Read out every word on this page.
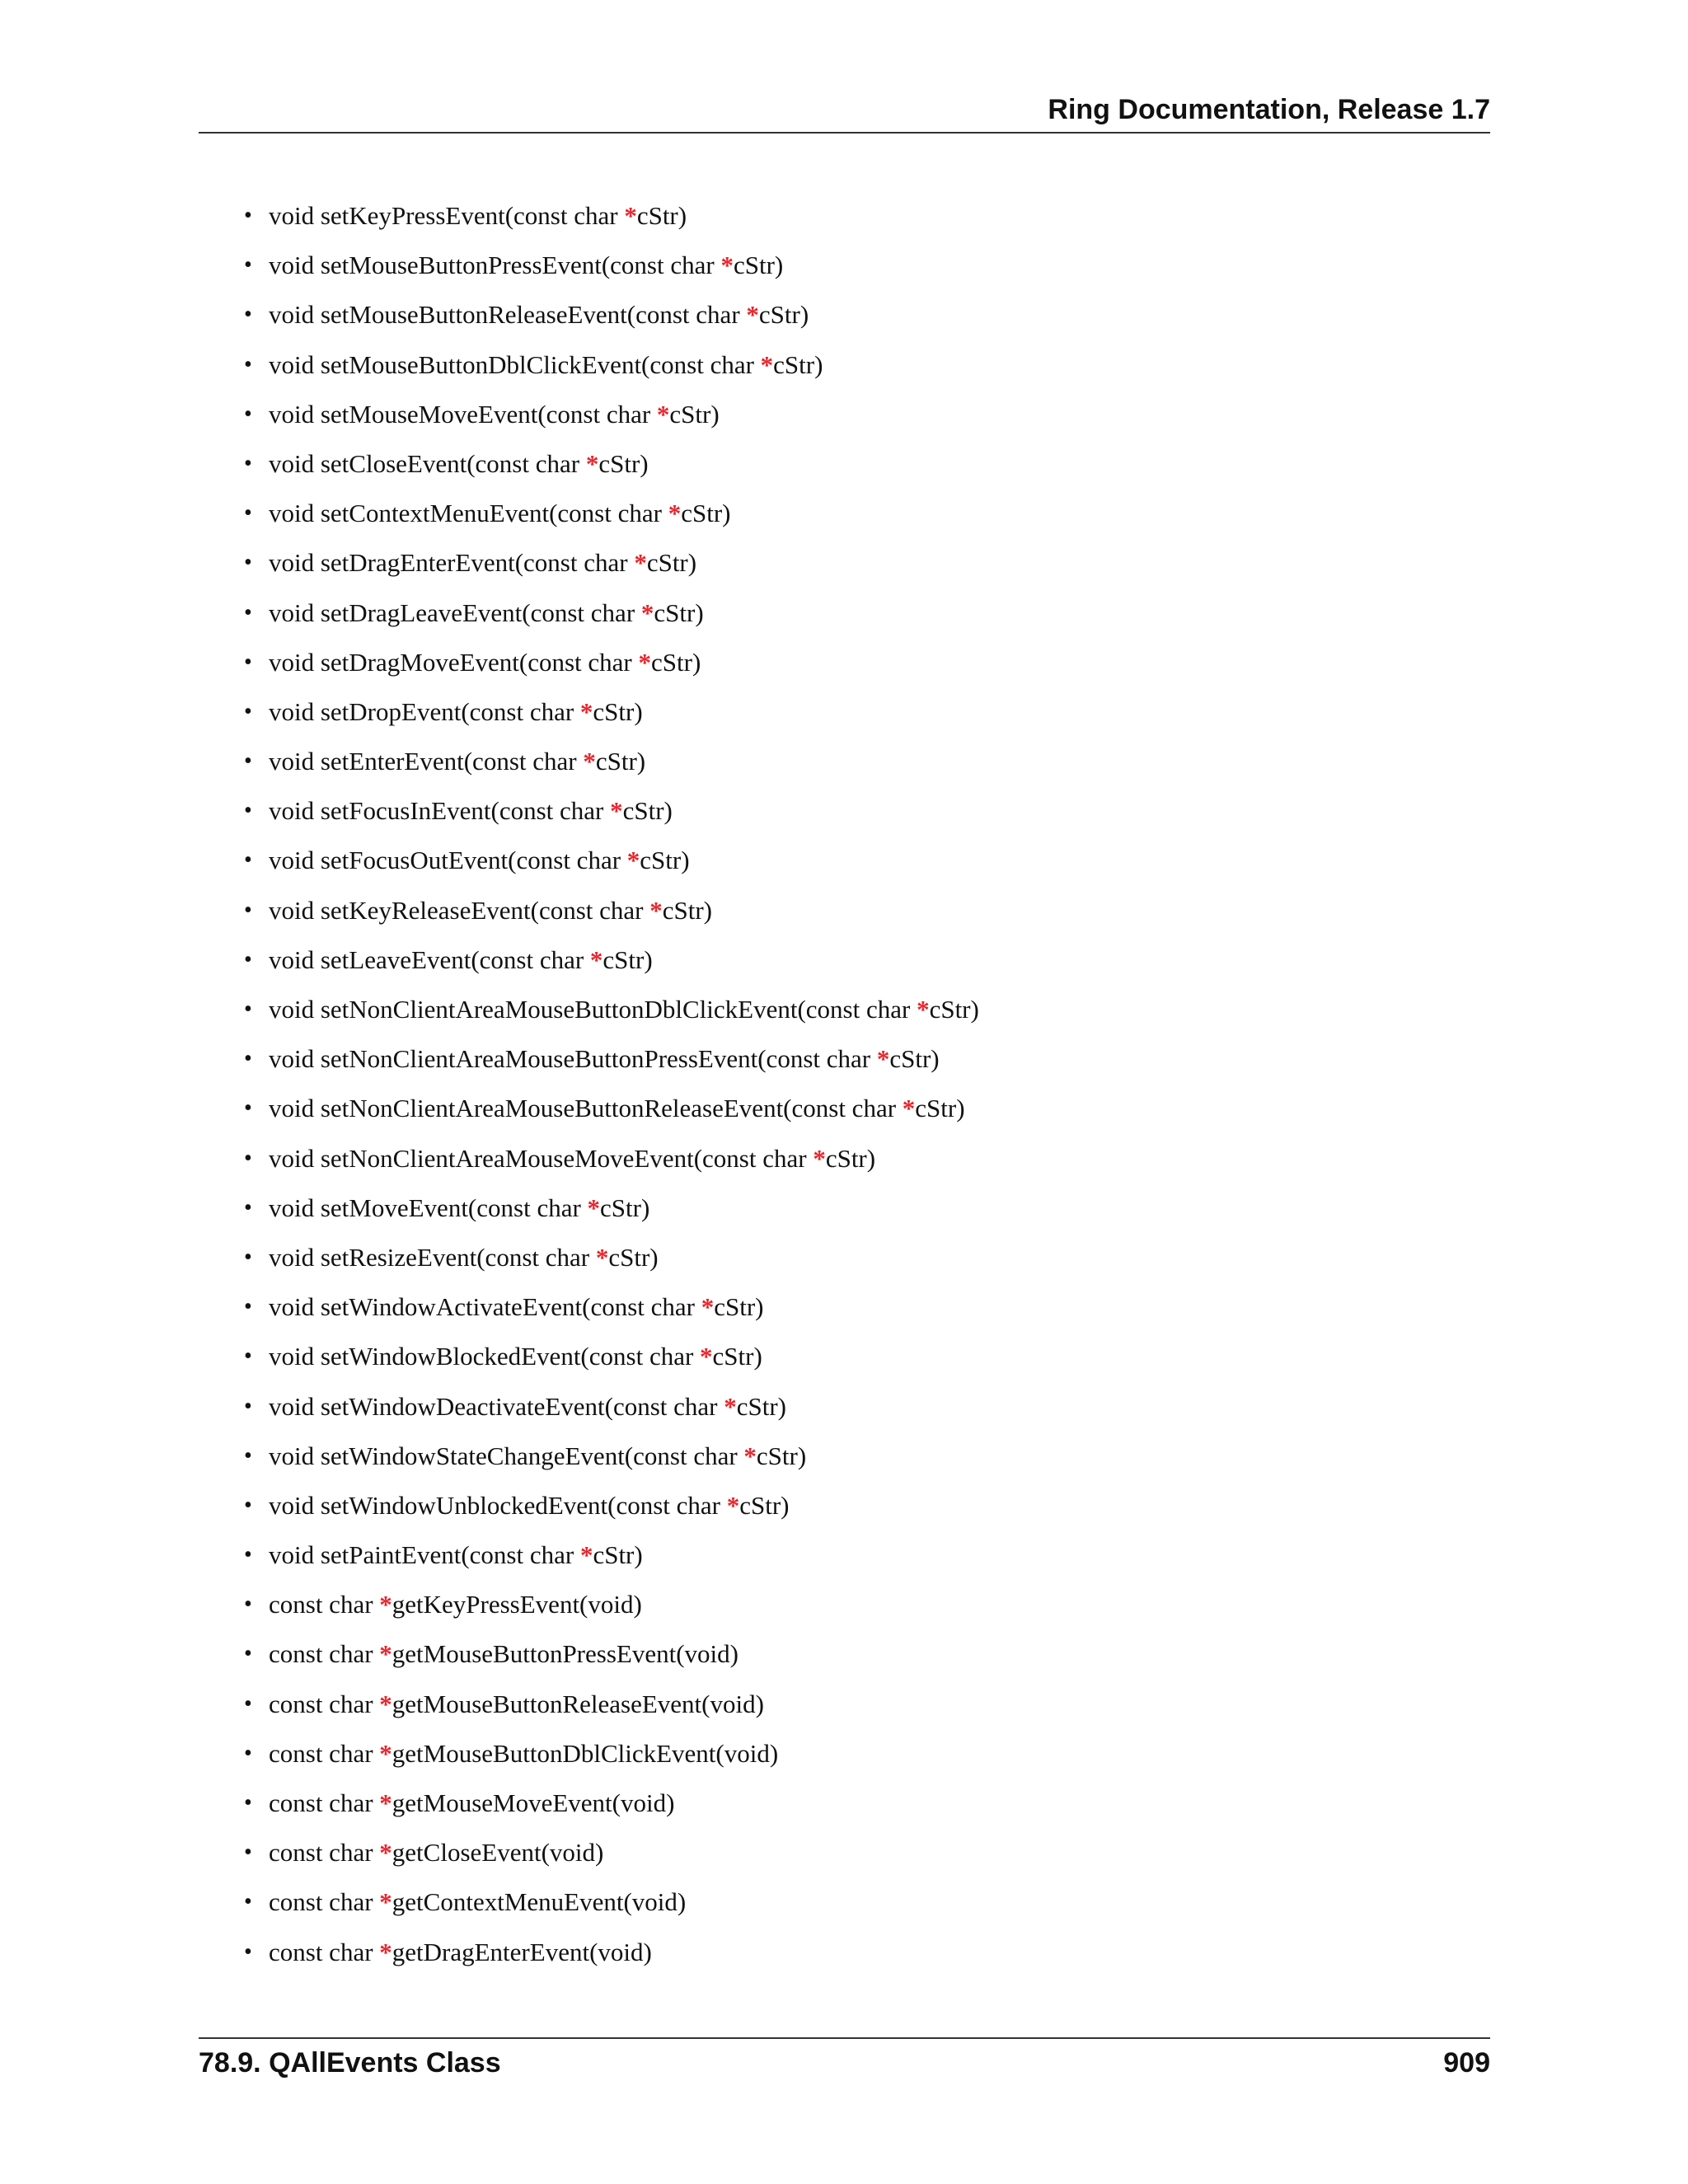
Ring Documentation, Release 1.7
• void setKeyPressEvent(const char *cStr)
• void setMouseButtonPressEvent(const char *cStr)
• void setMouseButtonReleaseEvent(const char *cStr)
• void setMouseButtonDblClickEvent(const char *cStr)
• void setMouseMoveEvent(const char *cStr)
• void setCloseEvent(const char *cStr)
• void setContextMenuEvent(const char *cStr)
• void setDragEnterEvent(const char *cStr)
• void setDragLeaveEvent(const char *cStr)
• void setDragMoveEvent(const char *cStr)
• void setDropEvent(const char *cStr)
• void setEnterEvent(const char *cStr)
• void setFocusInEvent(const char *cStr)
• void setFocusOutEvent(const char *cStr)
• void setKeyReleaseEvent(const char *cStr)
• void setLeaveEvent(const char *cStr)
• void setNonClientAreaMouseButtonDblClickEvent(const char *cStr)
• void setNonClientAreaMouseButtonPressEvent(const char *cStr)
• void setNonClientAreaMouseButtonReleaseEvent(const char *cStr)
• void setNonClientAreaMouseMoveEvent(const char *cStr)
• void setMoveEvent(const char *cStr)
• void setResizeEvent(const char *cStr)
• void setWindowActivateEvent(const char *cStr)
• void setWindowBlockedEvent(const char *cStr)
• void setWindowDeactivateEvent(const char *cStr)
• void setWindowStateChangeEvent(const char *cStr)
• void setWindowUnblockedEvent(const char *cStr)
• void setPaintEvent(const char *cStr)
• const char *getKeyPressEvent(void)
• const char *getMouseButtonPressEvent(void)
• const char *getMouseButtonReleaseEvent(void)
• const char *getMouseButtonDblClickEvent(void)
• const char *getMouseMoveEvent(void)
• const char *getCloseEvent(void)
• const char *getContextMenuEvent(void)
• const char *getDragEnterEvent(void)
78.9. QAllEvents Class	909
